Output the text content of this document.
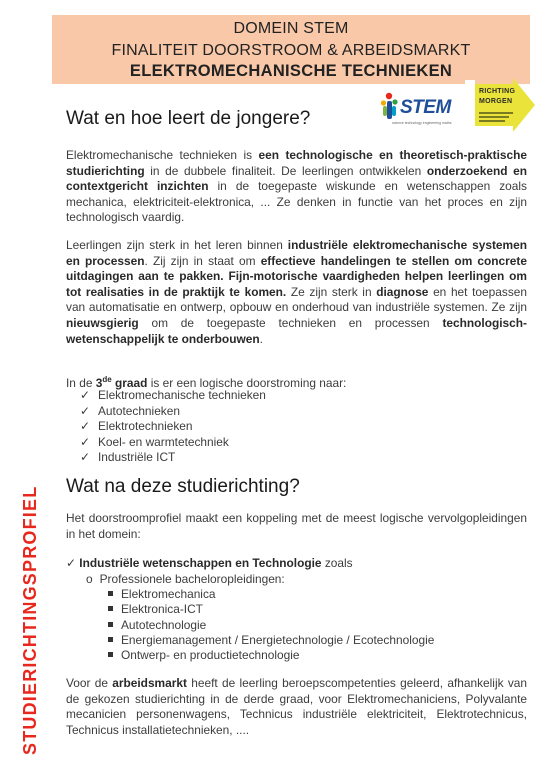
DOMEIN STEM
FINALITEIT DOORSTROOM & ARBEIDSMARKT
ELEKTROMECHANISCHE TECHNIEKEN
STEM
science technology engineering maths
RICHTING
MORGEN
Wat en hoe leert de jongere?
Elektromechanische technieken is een technologische en theoretisch-praktische studierichting in de dubbele finaliteit. De leerlingen ontwikkelen onderzoekend en contextgericht inzichten in de toegepaste wiskunde en wetenschappen zoals mechanica, elektriciteit-elektronica, ... Ze denken in functie van het proces en zijn technologisch vaardig.
Leerlingen zijn sterk in het leren binnen industriële elektromechanische systemen en processen. Zij zijn in staat om effectieve handelingen te stellen om concrete uitdagingen aan te pakken. Fijn-motorische vaardigheden helpen leerlingen om tot realisaties in de praktijk te komen. Ze zijn sterk in diagnose en het toepassen van automatisatie en ontwerp, opbouw en onderhoud van industriële systemen. Ze zijn nieuwsgierig om de toegepaste technieken en processen technologisch-wetenschappelijk te onderbouwen.
In de 3de graad is er een logische doorstroming naar:
✓ Elektromechanische technieken
✓ Autotechnieken
✓ Elektrotechnieken
✓ Koel- en warmtetechniek
✓ Industriële ICT
Wat na deze studierichting?
Het doorstroomprofiel maakt een koppeling met de meest logische vervolgopleidingen in het domein:
✓ Industriële wetenschappen en Technologie zoals
o Professionele bacheloropleidingen:
Elektromechanica
Elektronica-ICT
Autotechnologie
Energiemanagement / Energietechnologie / Ecotechnologie
Ontwerp- en productietechnologie
Voor de arbeidsmarkt heeft de leerling beroepscompetenties geleerd, afhankelijk van de gekozen studierichting in de derde graad, voor Elektromechaniciens, Polyvalante mecanicien personenwagens, Technicus industriële elektriciteit, Elektrotechnicus, Technicus installatietechnieken, ....
STUDIERICHTINGSPROFIEL
